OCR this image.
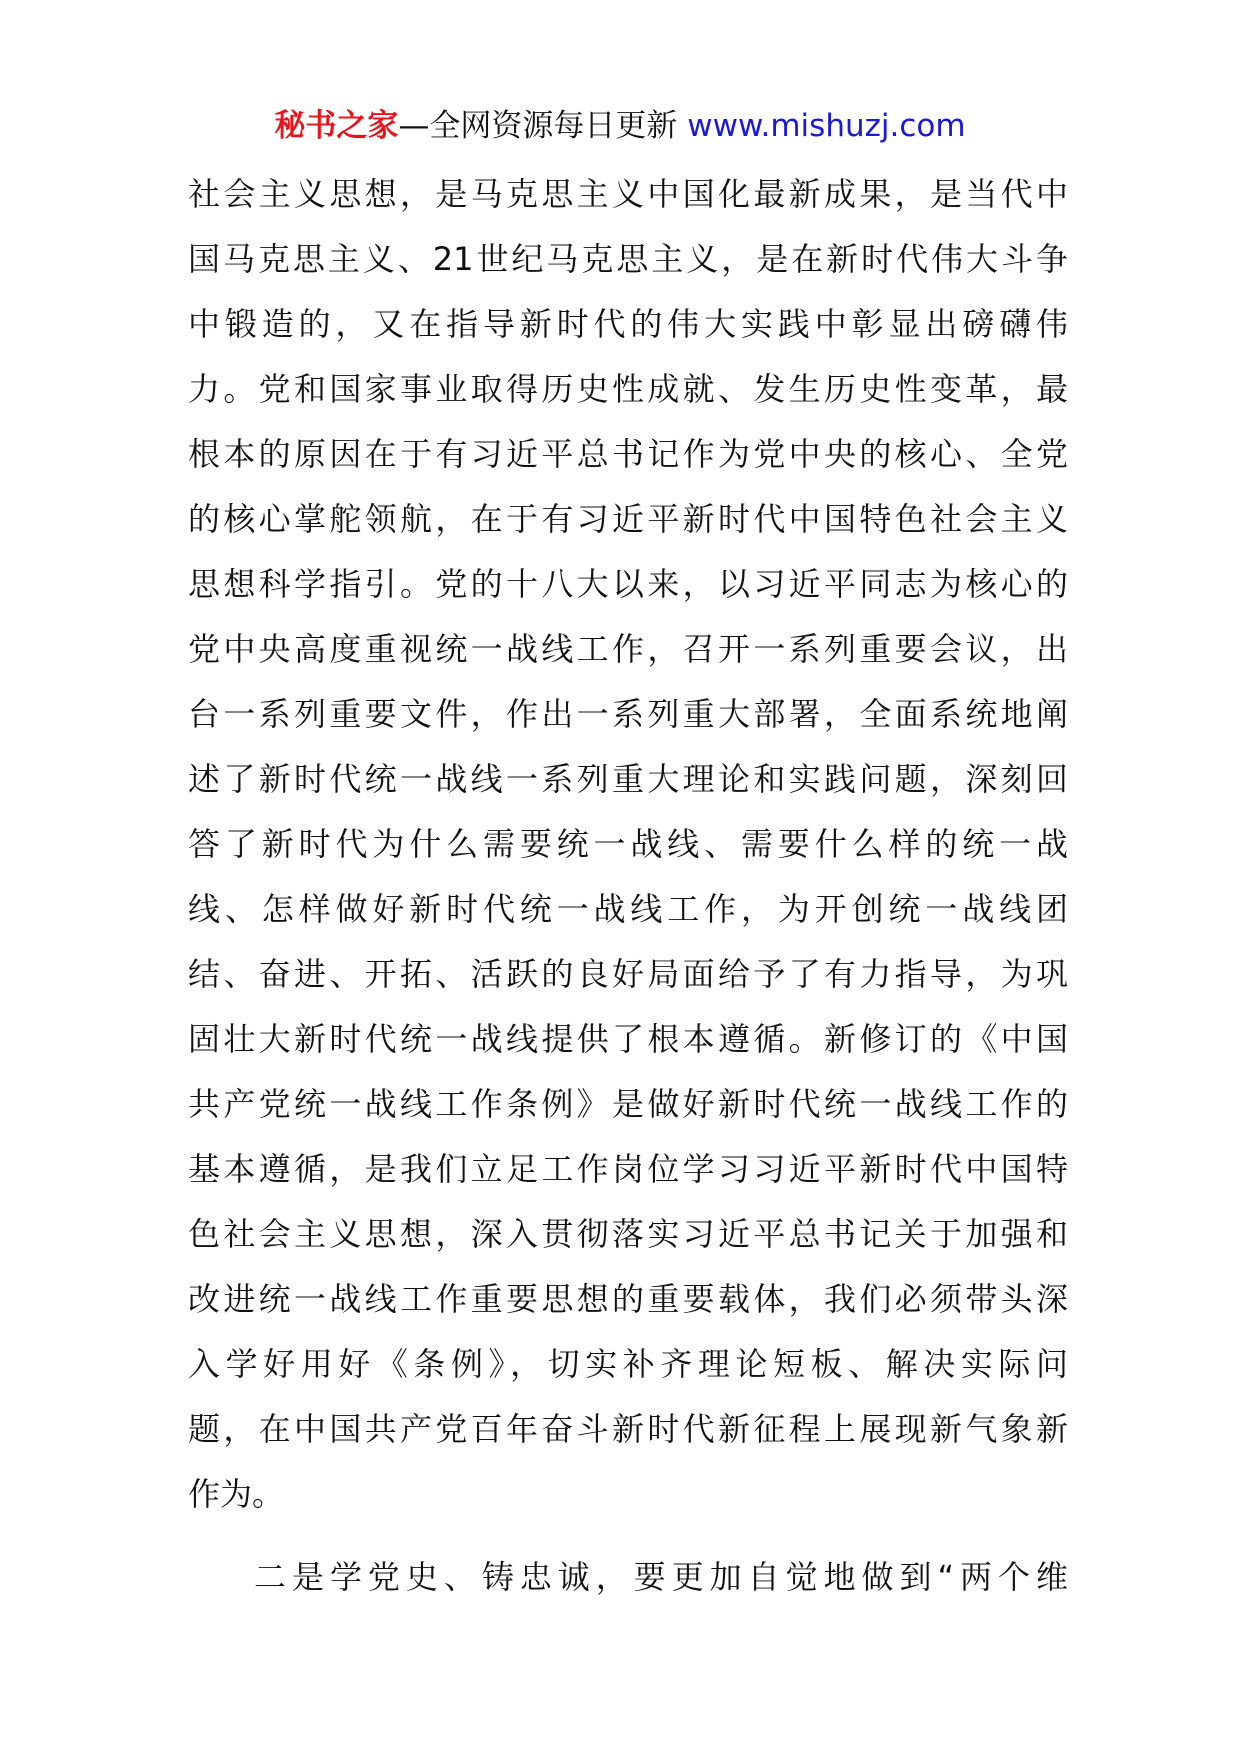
秘书之家—全网资源每日更新 www.mishuzj.com
社会主义思想，是马克思主义中国化最新成果，是当代中
国马克思主义、21世纪马克思主义，是在新时代伟大斗争
中锻造的，又在指导新时代的伟大实践中彰显出磅礴伟
力。党和国家事业取得历史性成就、发生历史性变革，最
根本的原因在于有习近平总书记作为党中央的核心、全党
的核心掌舵领航，在于有习近平新时代中国特色社会主义
思想科学指引。党的十八大以来，以习近平同志为核心的
党中央高度重视统一战线工作，召开一系列重要会议，出
台一系列重要文件，作出一系列重大部署，全面系统地阐
述了新时代统一战线一系列重大理论和实践问题，深刻回
答了新时代为什么需要统一战线、需要什么样的统一战
线、怎样做好新时代统一战线工作，为开创统一战线团
结、奋进、开拓、活跃的良好局面给予了有力指导，为巩
固壮大新时代统一战线提供了根本遵循。新修订的《中国
共产党统一战线工作条例》是做好新时代统一战线工作的
基本遵循，是我们立足工作岗位学习习近平新时代中国特
色社会主义思想，深入贯彻落实习近平总书记关于加强和
改进统一战线工作重要思想的重要载体，我们必须带头深
入学好用好《条例》，切实补齐理论短板、解决实际问
题，在中国共产党百年奋斗新时代新征程上展现新气象新
作为。
二是学党史、铸忠诚，要更加自觉地做到“两个维
